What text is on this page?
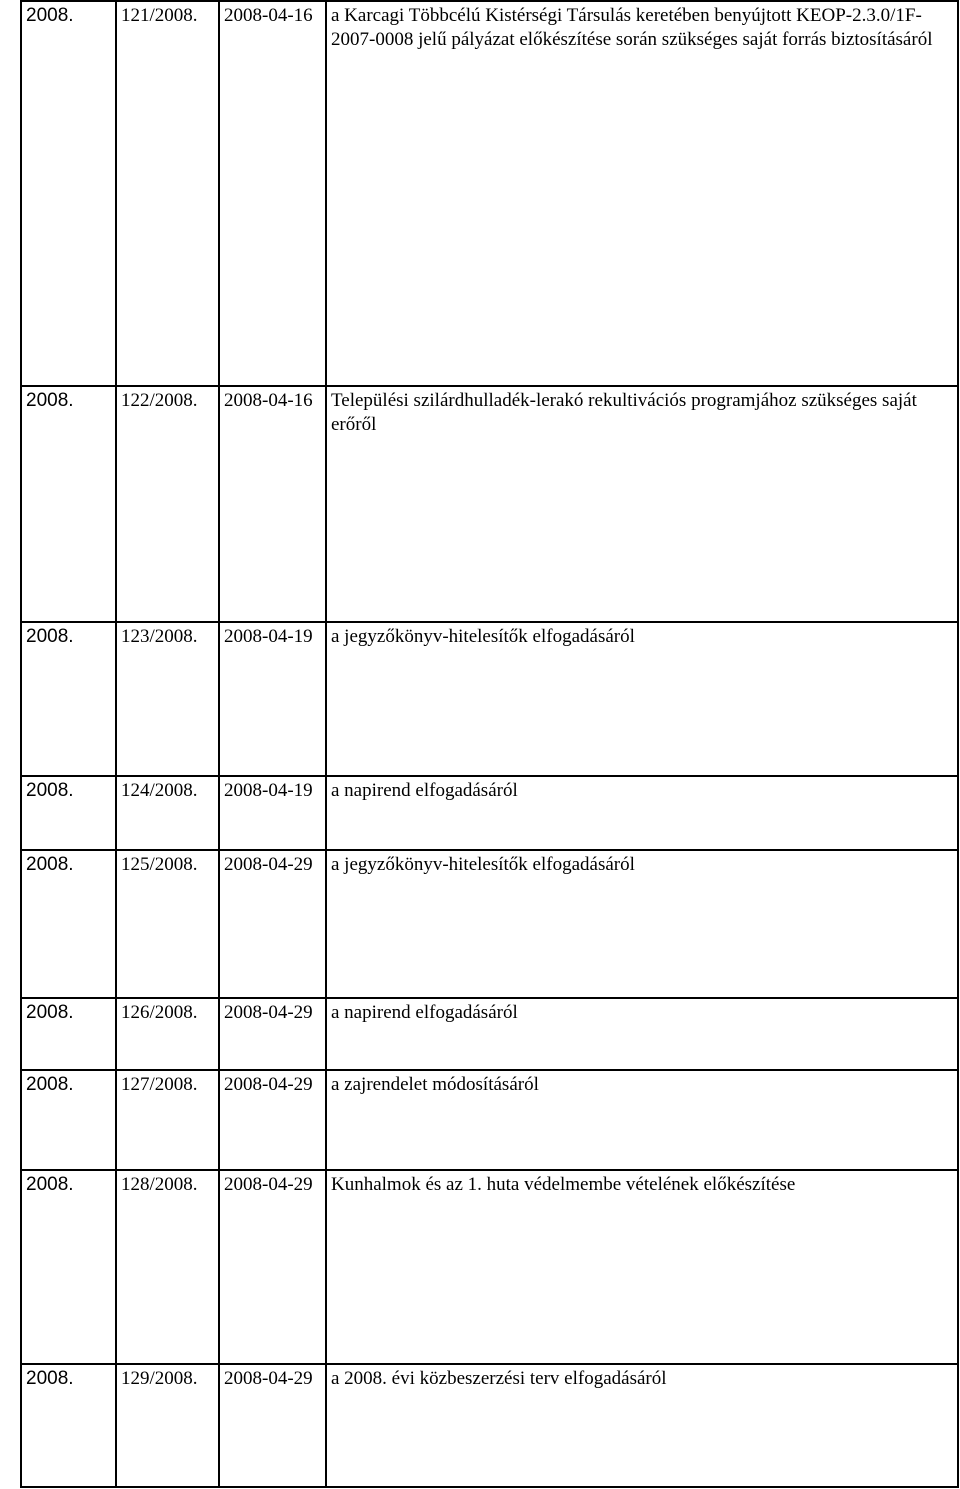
2008.	121/2008.	2008-04-16	a Karcagi Többcélú Kistérségi Társulás keretében benyújtott KEOP-2.3.0/1F-2007-0008 jelű pályázat előkészítése során szükséges saját forrás biztosításáról
2008.	122/2008.	2008-04-16	Települési szilárdhulladék-lerakó rekultivációs programjához szükséges saját erőről
2008.	123/2008.	2008-04-19	a jegyzőkönyv-hitelesítők elfogadásáról
2008.	124/2008.	2008-04-19	a napirend elfogadásáról
2008.	125/2008.	2008-04-29	a jegyzőkönyv-hitelesítők elfogadásáról
2008.	126/2008.	2008-04-29	a napirend elfogadásáról
2008.	127/2008.	2008-04-29	a zajrendelet módosításáról
2008.	128/2008.	2008-04-29	Kunhalmok és az 1. huta védelmembe vételének előkészítése
2008.	129/2008.	2008-04-29	a 2008. évi közbeszerzési terv elfogadásáról
